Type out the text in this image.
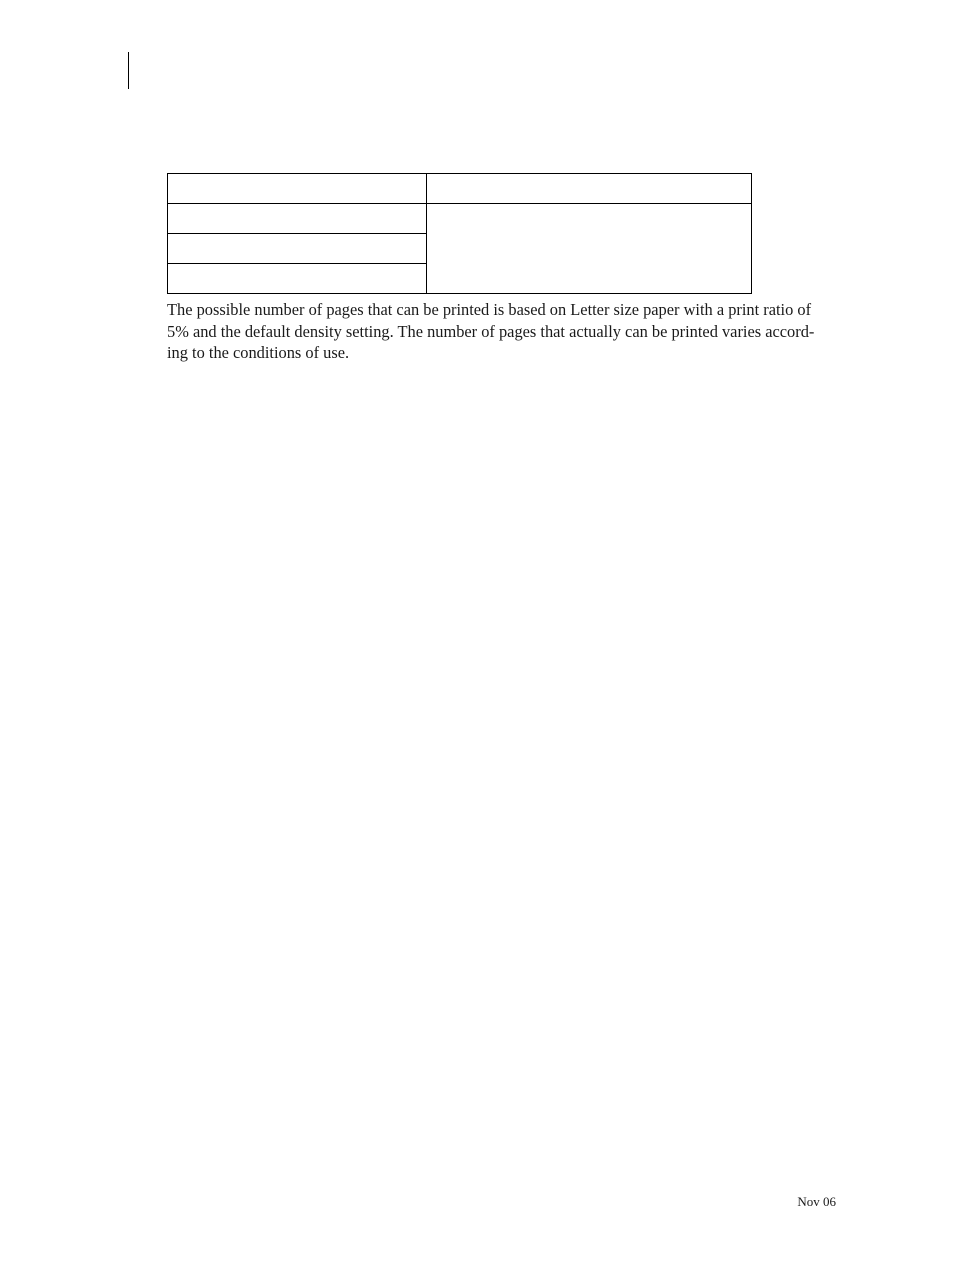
The possible number of pages that can be printed is based on Letter size paper with a print ratio of
5% and the default density setting. The number of pages that actually can be printed varies accord-
ing to the conditions of use.

Nov 06
